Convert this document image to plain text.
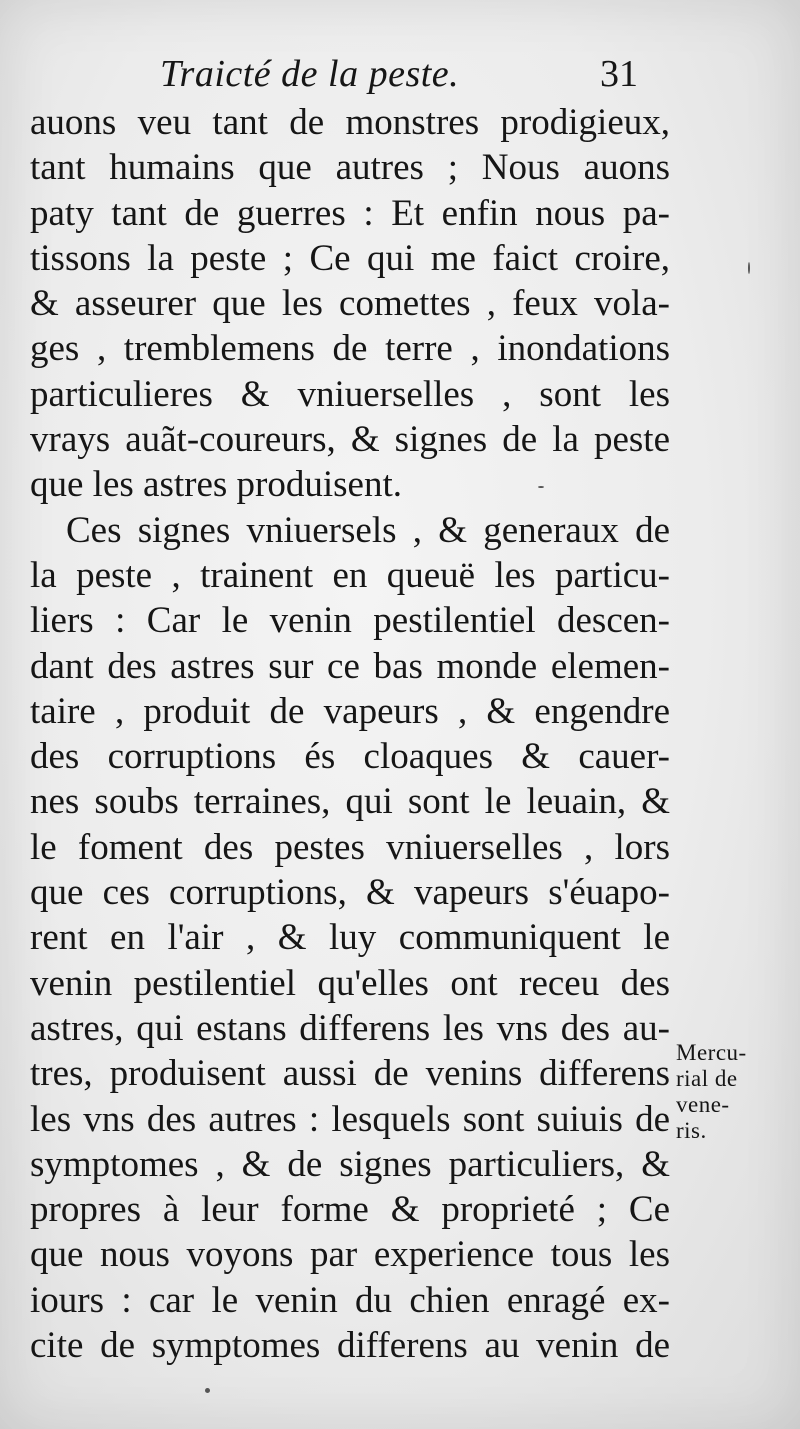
Traicté de la peste.	31
auons veu tant de monstres prodigieux,
tant humains que autres ; Nous auons
paty tant de guerres : Et enfin nous pa-
tissons la peste ; Ce qui me faict croire,
& asseurer que les comettes , feux vola-
ges , tremblemens de terre , inondations
particulieres & vniuerselles , sont les
vrays auãt-coureurs, & signes de la peste
que les astres produisent.
Ces signes vniuersels , & generaux de
la peste , trainent en queuë les particu-
liers : Car le venin pestilentiel descen-
dant des astres sur ce bas monde elemen-
taire , produit de vapeurs , & engendre
des corruptions és cloaques & cauer-
nes soubs terraines, qui sont le leuain, &
le foment des pestes vniuerselles , lors
que ces corruptions, & vapeurs s'éuapo-
rent en l'air , & luy communiquent le
venin pestilentiel qu'elles ont receu des
astres, qui estans differens les vns des au-
tres, produisent aussi de venins differens
les vns des autres : lesquels sont suiuis de
symptomes , & de signes particuliers, &
propres à leur forme & proprieté ; Ce
que nous voyons par experience tous les
iours : car le venin du chien enragé ex-
cite de symptomes differens au venin de
Mercu-
rial de
vene-
ris.
